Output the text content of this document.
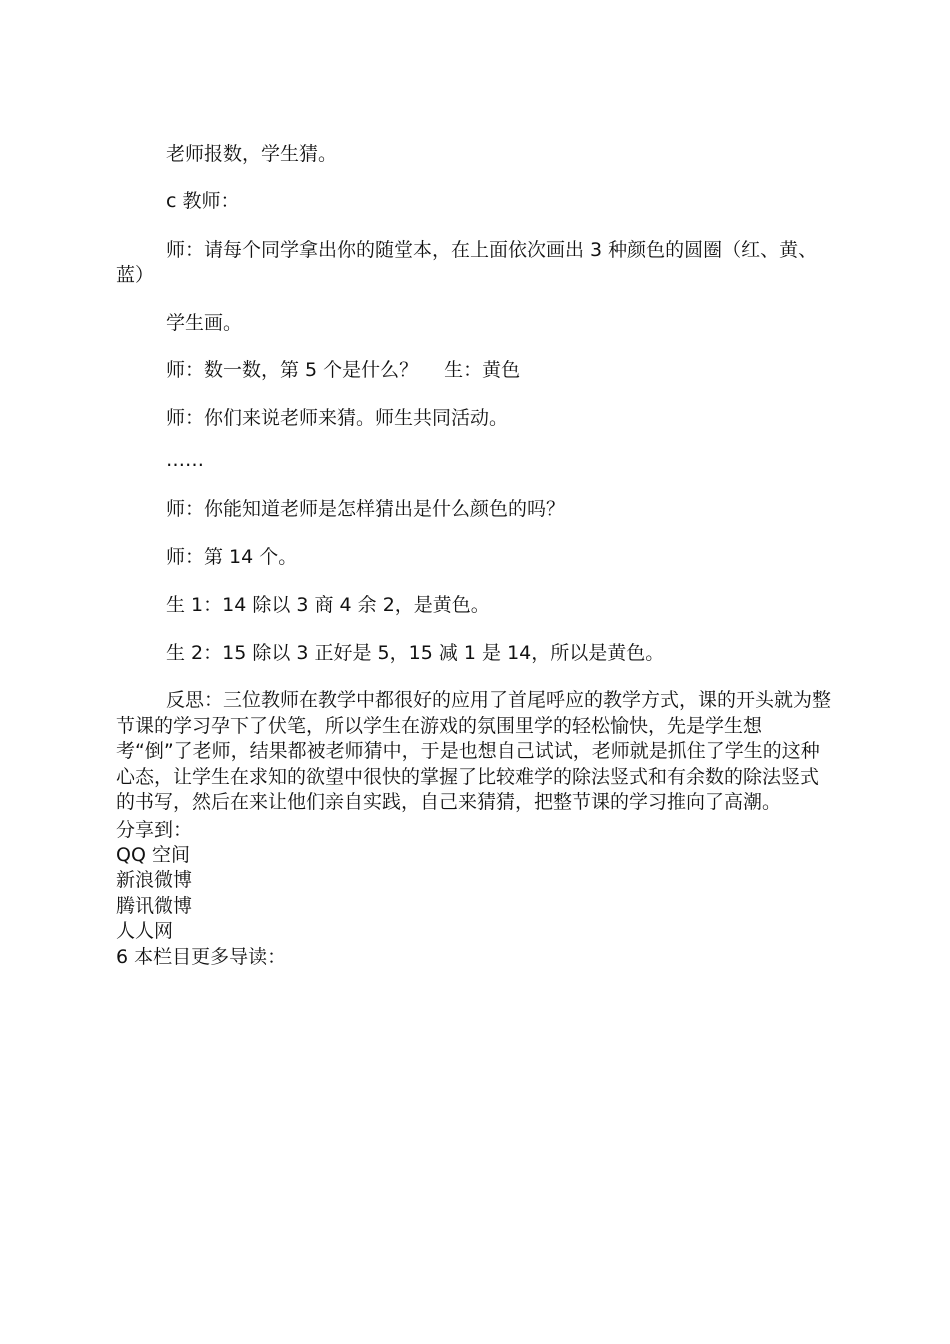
老师报数，学生猜。
c 教师：
师：请每个同学拿出你的随堂本，在上面依次画出 3 种颜色的圆圈（红、黄、
蓝）
学生画。
师：数一数，第 5 个是什么？ 生：黄色
师：你们来说老师来猜。师生共同活动。
……
师：你能知道老师是怎样猜出是什么颜色的吗？
师：第 14 个。
生 1：14 除以 3 商 4 余 2，是黄色。
生 2：15 除以 3 正好是 5，15 减 1 是 14，所以是黄色。
反思：三位教师在教学中都很好的应用了首尾呼应的教学方式，课的开头就为整节课的学习孕下了伏笔，所以学生在游戏的氛围里学的轻松愉快，先是学生想考“倒”了老师，结果都被老师猜中，于是也想自己试试，老师就是抓住了学生的这种心态，让学生在求知的欲望中很快的掌握了比较难学的除法竖式和有余数的除法竖式的书写，然后在来让他们亲自实践，自己来猜猜，把整节课的学习推向了高潮。
分享到：
QQ 空间
新浪微博
腾讯微博
人人网
6 本栏目更多导读：
